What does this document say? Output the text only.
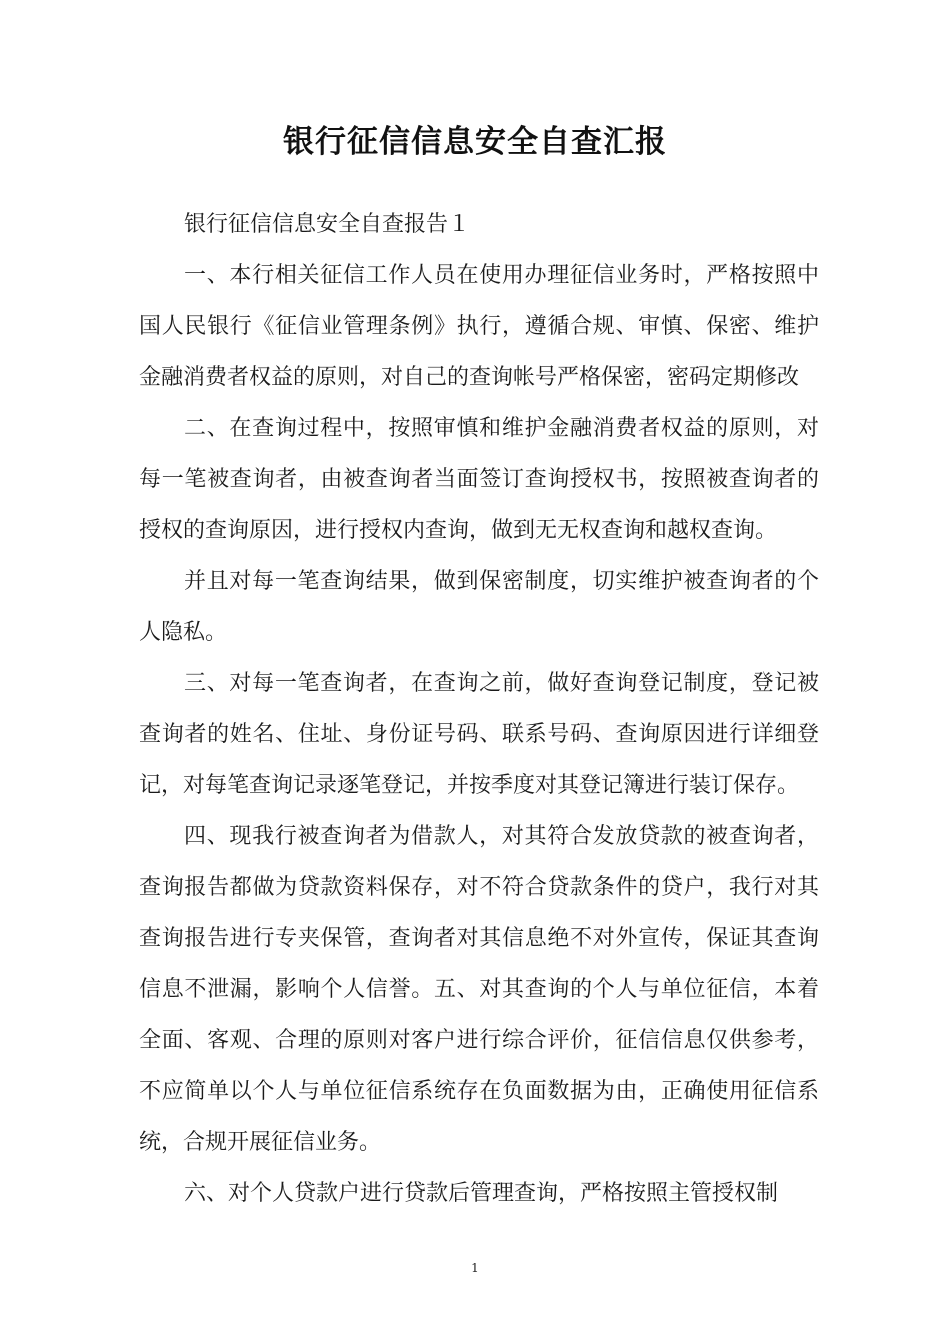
银行征信信息安全自查汇报

银行征信信息安全自查报告１

一、本行相关征信工作人员在使用办理征信业务时，严格按照中
国人民银行《征信业管理条例》执行，遵循合规、审慎、保密、维护
金融消费者权益的原则，对自己的查询帐号严格保密，密码定期修改

二、在查询过程中，按照审慎和维护金融消费者权益的原则，对
每一笔被查询者，由被查询者当面签订查询授权书，按照被查询者的
授权的查询原因，进行授权内查询，做到无无权查询和越权查询。

并且对每一笔查询结果，做到保密制度，切实维护被查询者的个
人隐私。

三、对每一笔查询者，在查询之前，做好查询登记制度，登记被
查询者的姓名、住址、身份证号码、联系号码、查询原因进行详细登
记，对每笔查询记录逐笔登记，并按季度对其登记簿进行装订保存。

四、现我行被查询者为借款人，对其符合发放贷款的被查询者，
查询报告都做为贷款资料保存，对不符合贷款条件的贷户，我行对其
查询报告进行专夹保管，查询者对其信息绝不对外宣传，保证其查询
信息不泄漏，影响个人信誉。五、对其查询的个人与单位征信，本着
全面、客观、合理的原则对客户进行综合评价，征信信息仅供参考，
不应简单以个人与单位征信系统存在负面数据为由，正确使用征信系
统，合规开展征信业务。

六、对个人贷款户进行贷款后管理查询，严格按照主管授权制

1
